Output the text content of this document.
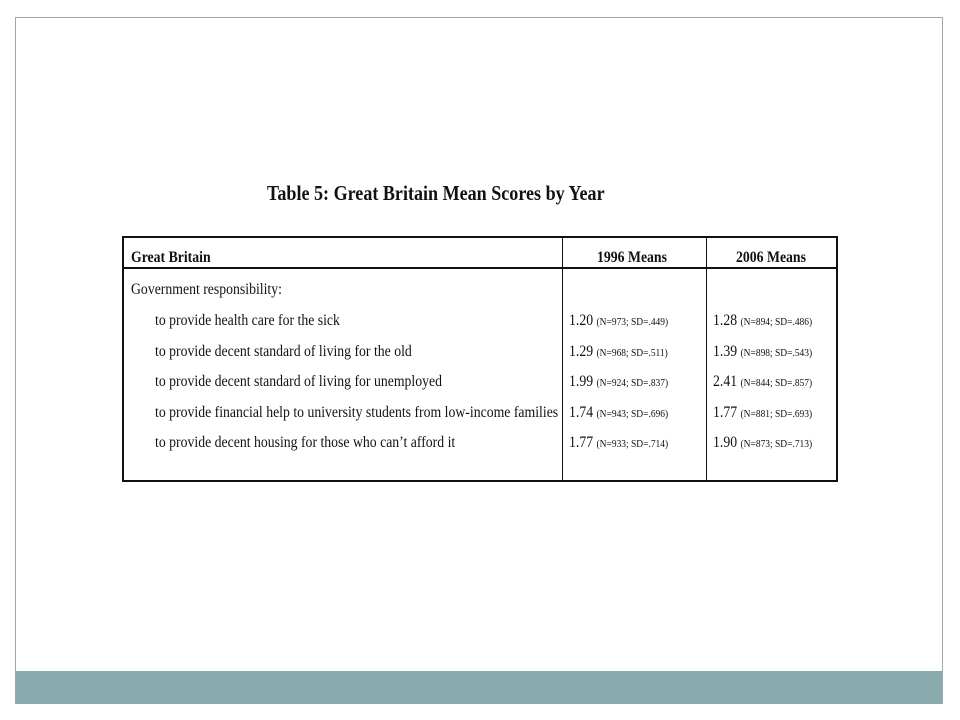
Table 5: Great Britain Mean Scores by Year
Great Britain	1996 Means	2006 Means
Government responsibility:
to provide health care for the sick	1.20 (N=973; SD=.449)	1.28 (N=894; SD=.486)
to provide decent standard of living for the old	1.29 (N=968; SD=.511)	1.39 (N=898; SD=.543)
to provide decent standard of living for unemployed	1.99 (N=924; SD=.837)	2.41 (N=844; SD=.857)
to provide financial help to university students from low-income families 1.74 (N=943; SD=.696)	1.77 (N=881; SD=.693)
to provide decent housing for those who can’t afford it	1.77 (N=933; SD=.714)	1.90 (N=873; SD=.713)
